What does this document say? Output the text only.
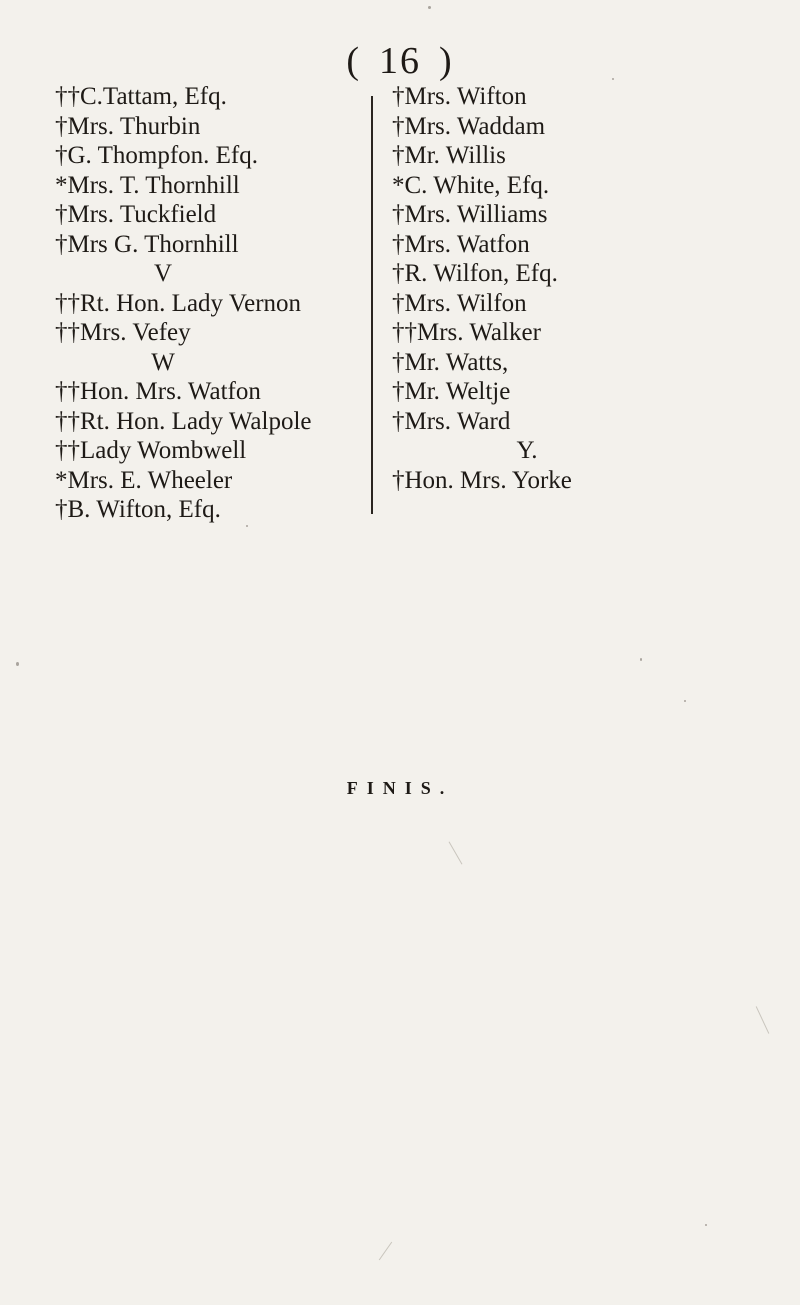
( 16 )
††C.Tattam, Efq.
†Mrs. Thurbin
†G. Thompfon. Efq.
*Mrs. T. Thornhill
†Mrs. Tuckfield
†Mrs G. Thornhill
V
††Rt. Hon. Lady Vernon
††Mrs. Vefey
W
††Hon. Mrs. Watfon
††Rt. Hon. Lady Walpole
††Lady Wombwell
*Mrs. E. Wheeler
†B. Wifton, Efq.
†Mrs. Wifton
†Mrs. Waddam
†Mr. Willis
*C. White, Efq.
†Mrs. Williams
†Mrs. Watfon
†R. Wilfon, Efq.
†Mrs. Wilfon
††Mrs. Walker
†Mr. Watts,
†Mr. Weltje
†Mrs. Ward
Y.
†Hon. Mrs. Yorke
FINIS.
